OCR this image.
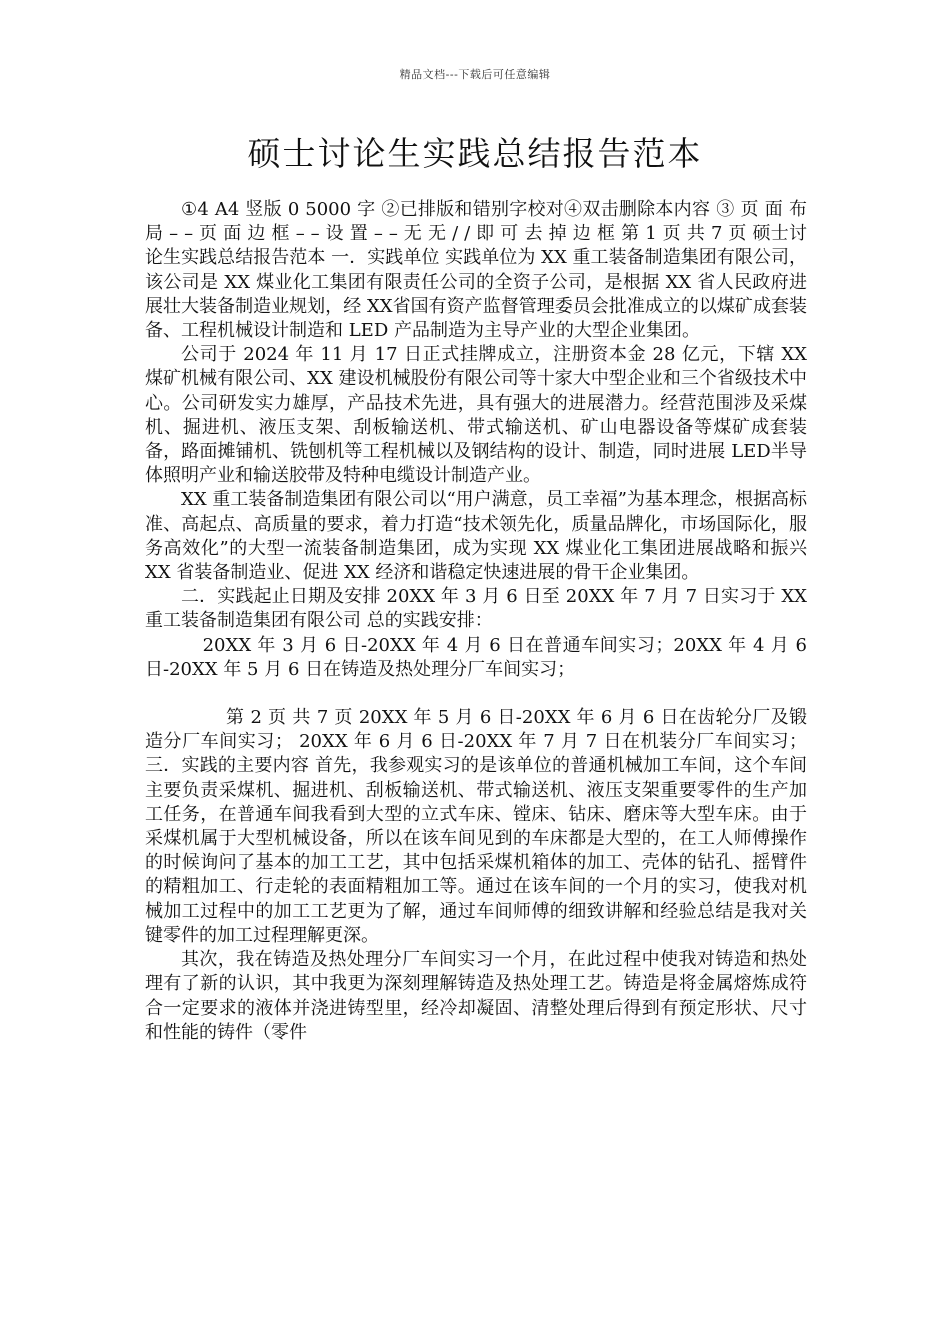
精品文档---下载后可任意编辑
硕士讨论生实践总结报告范本

①4 A4 竖版 0 5000 字 ②已排版和错别字校对④双击删除本内容 ③ 页 面 布 局 – – 页 面 边 框 – – 设 置 – – 无 无 / / 即 可 去 掉 边 框 第 1 页 共 7 页 硕士讨论生实践总结报告范本 一．实践单位 实践单位为 XX 重工装备制造集团有限公司，该公司是 XX 煤业化工集团有限责任公司的全资子公司，是根据 XX 省人民政府进展壮大装备制造业规划，经 XX省国有资产监督管理委员会批准成立的以煤矿成套装备、工程机械设计制造和 LED 产品制造为主导产业的大型企业集团。

公司于 2024 年 11 月 17 日正式挂牌成立，注册资本金 28 亿元，下辖 XX 煤矿机械有限公司、XX 建设机械股份有限公司等十家大中型企业和三个省级技术中心。公司研发实力雄厚，产品技术先进，具有强大的进展潜力。经营范围涉及采煤机、掘进机、液压支架、刮板输送机、带式输送机、矿山电器设备等煤矿成套装备，路面摊铺机、铣刨机等工程机械以及钢结构的设计、制造，同时进展 LED半导体照明产业和输送胶带及特种电缆设计制造产业。

XX 重工装备制造集团有限公司以“用户满意，员工幸福”为基本理念，根据高标准、高起点、高质量的要求，着力打造“技术领先化，质量品牌化，市场国际化，服务高效化”的大型一流装备制造集团，成为实现 XX 煤业化工集团进展战略和振兴 XX 省装备制造业、促进 XX 经济和谐稳定快速进展的骨干企业集团。

二．实践起止日期及安排 20XX 年 3 月 6 日至 20XX 年 7 月 7 日实习于 XX 重工装备制造集团有限公司 总的实践安排：

20XX 年 3 月 6 日-20XX 年 4 月 6 日在普通车间实习；20XX 年 4 月 6 日-20XX 年 5 月 6 日在铸造及热处理分厂车间实习；

第 2 页 共 7 页 20XX 年 5 月 6 日-20XX 年 6 月 6 日在齿轮分厂及锻造分厂车间实习； 20XX 年 6 月 6 日-20XX 年 7 月 7 日在机装分厂车间实习； 三．实践的主要内容 首先，我参观实习的是该单位的普通机械加工车间，这个车间主要负责采煤机、掘进机、刮板输送机、带式输送机、液压支架重要零件的生产加工任务，在普通车间我看到大型的立式车床、镗床、钻床、磨床等大型车床。由于采煤机属于大型机械设备，所以在该车间见到的车床都是大型的，在工人师傅操作的时候询问了基本的加工工艺，其中包括采煤机箱体的加工、壳体的钻孔、摇臂件的精粗加工、行走轮的表面精粗加工等。通过在该车间的一个月的实习，使我对机械加工过程中的加工工艺更为了解，通过车间师傅的细致讲解和经验总结是我对关键零件的加工过程理解更深。

其次，我在铸造及热处理分厂车间实习一个月，在此过程中使我对铸造和热处理有了新的认识，其中我更为深刻理解铸造及热处理工艺。铸造是将金属熔炼成符合一定要求的液体并浇进铸型里，经冷却凝固、清整处理后得到有预定形状、尺寸和性能的铸件（零件
